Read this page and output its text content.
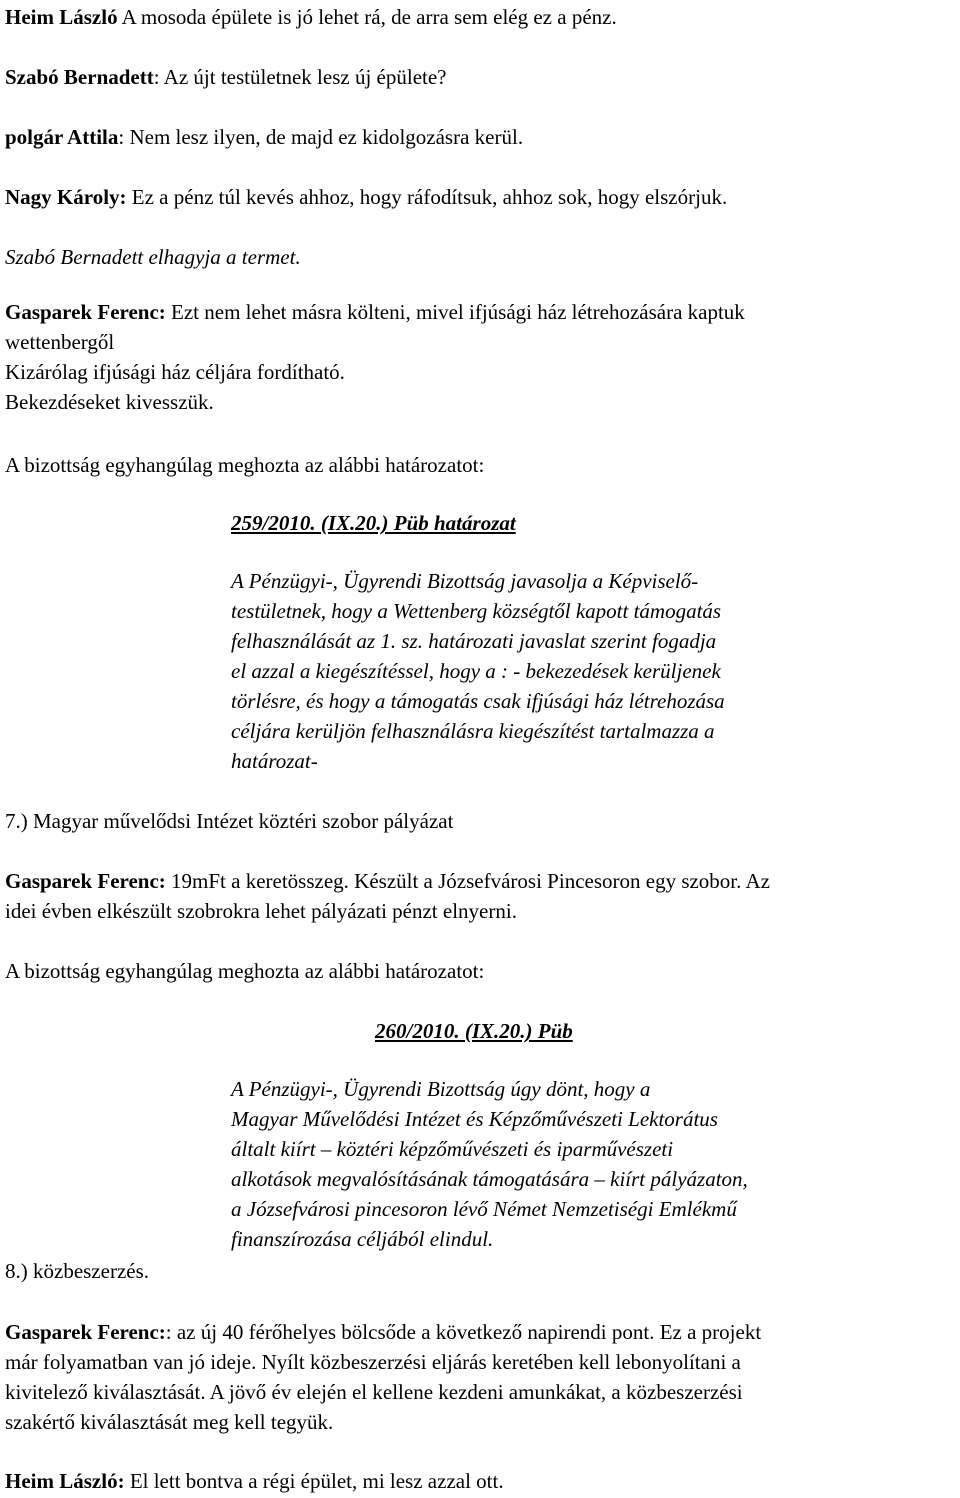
Heim László A mosoda épülete is jó lehet rá, de arra sem elég ez a pénz.
Szabó Bernadett: Az újt testületnek lesz új épülete?
polgár Attila: Nem lesz ilyen, de majd ez kidolgozásra kerül.
Nagy Károly: Ez a pénz túl kevés ahhoz, hogy ráfodítsuk, ahhoz sok, hogy elszórjuk.
Szabó Bernadett elhagyja a termet.
Gasparek Ferenc: Ezt nem lehet másra költeni, mivel ifjúsági ház létrehozására kaptuk
wettenbergől
Kizárólag ifjúsági ház céljára fordítható.
Bekezdéseket kivesszük.
A bizottság egyhangúlag meghozta az alábbi határozatot:
259/2010. (IX.20.) Püb határozat
A Pénzügyi-, Ügyrendi Bizottság javasolja a Képviselő-
testületnek, hogy a Wettenberg községtől kapott támogatás
felhasználását az 1. sz. határozati javaslat szerint fogadja
el azzal a kiegészítéssel, hogy a : - bekezedések kerüljenek
törlésre, és hogy a támogatás csak ifjúsági ház létrehozása
céljára kerüljön felhasználásra kiegészítést tartalmazza a
határozat-
7.) Magyar művelődsi Intézet köztéri szobor pályázat
Gasparek Ferenc: 19mFt a keretösszeg. Készült a Józsefvárosi Pincesoron egy szobor. Az
idei évben elkészült szobrokra lehet pályázati pénzt elnyerni.
A bizottság egyhangúlag meghozta az alábbi határozatot:
260/2010. (IX.20.) Püb
A Pénzügyi-, Ügyrendi Bizottság úgy dönt, hogy a
Magyar Művelődési Intézet és Képzőművészeti Lektorátus
általt kiírt – köztéri képzőművészeti és iparművészeti
alkotások megvalósításának támogatására – kiírt pályázaton,
a Józsefvárosi pincesoron lévő Német Nemzetiségi Emlékmű
finanszírozása céljából elindul.
8.) közbeszerzés.
Gasparek Ferenc:: az új 40 férőhelyes bölcsőde a következő napirendi pont. Ez a projekt
már folyamatban van jó ideje. Nyílt közbeszerzési eljárás keretében kell lebonyolítani a
kivitelező kiválasztását. A jövő év elején el kellene kezdeni amunkákat, a közbeszerzési
szakértő kiválasztását meg kell tegyük.
Heim László: El lett bontva a régi épület, mi lesz azzal ott.
